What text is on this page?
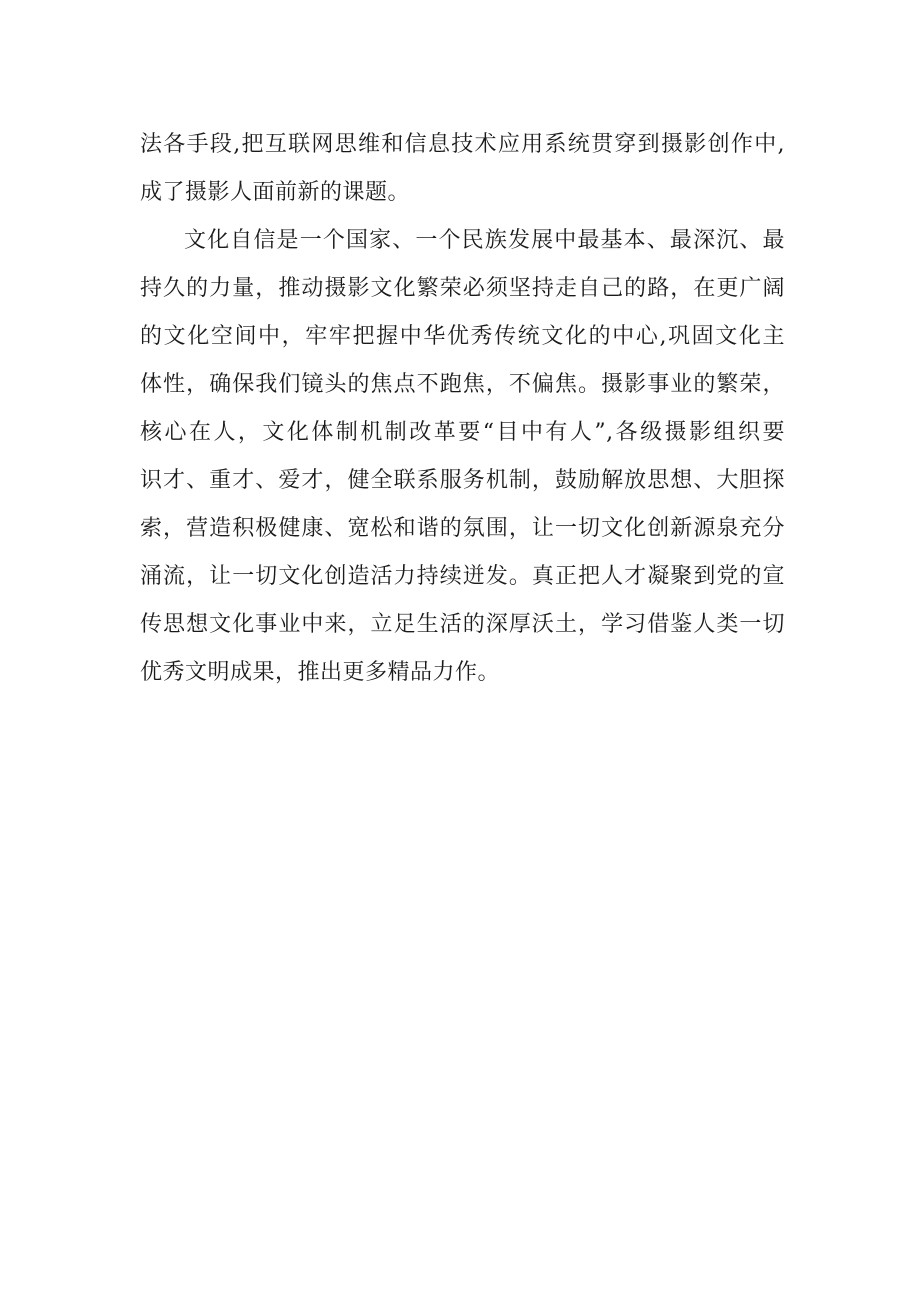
法各手段,把互联网思维和信息技术应用系统贯穿到摄影创作中,
成了摄影人面前新的课题。

文化自信是一个国家、一个民族发展中最基本、最深沉、最
持久的力量，推动摄影文化繁荣必须坚持走自己的路，在更广阔
的文化空间中，牢牢把握中华优秀传统文化的中心,巩固文化主
体性，确保我们镜头的焦点不跑焦，不偏焦。摄影事业的繁荣，
核心在人，文化体制机制改革要“目中有人”,各级摄影组织要
识才、重才、爱才，健全联系服务机制，鼓励解放思想、大胆探
索，营造积极健康、宽松和谐的氛围，让一切文化创新源泉充分
涌流，让一切文化创造活力持续迸发。真正把人才凝聚到党的宣
传思想文化事业中来，立足生活的深厚沃土，学习借鉴人类一切
优秀文明成果，推出更多精品力作。
